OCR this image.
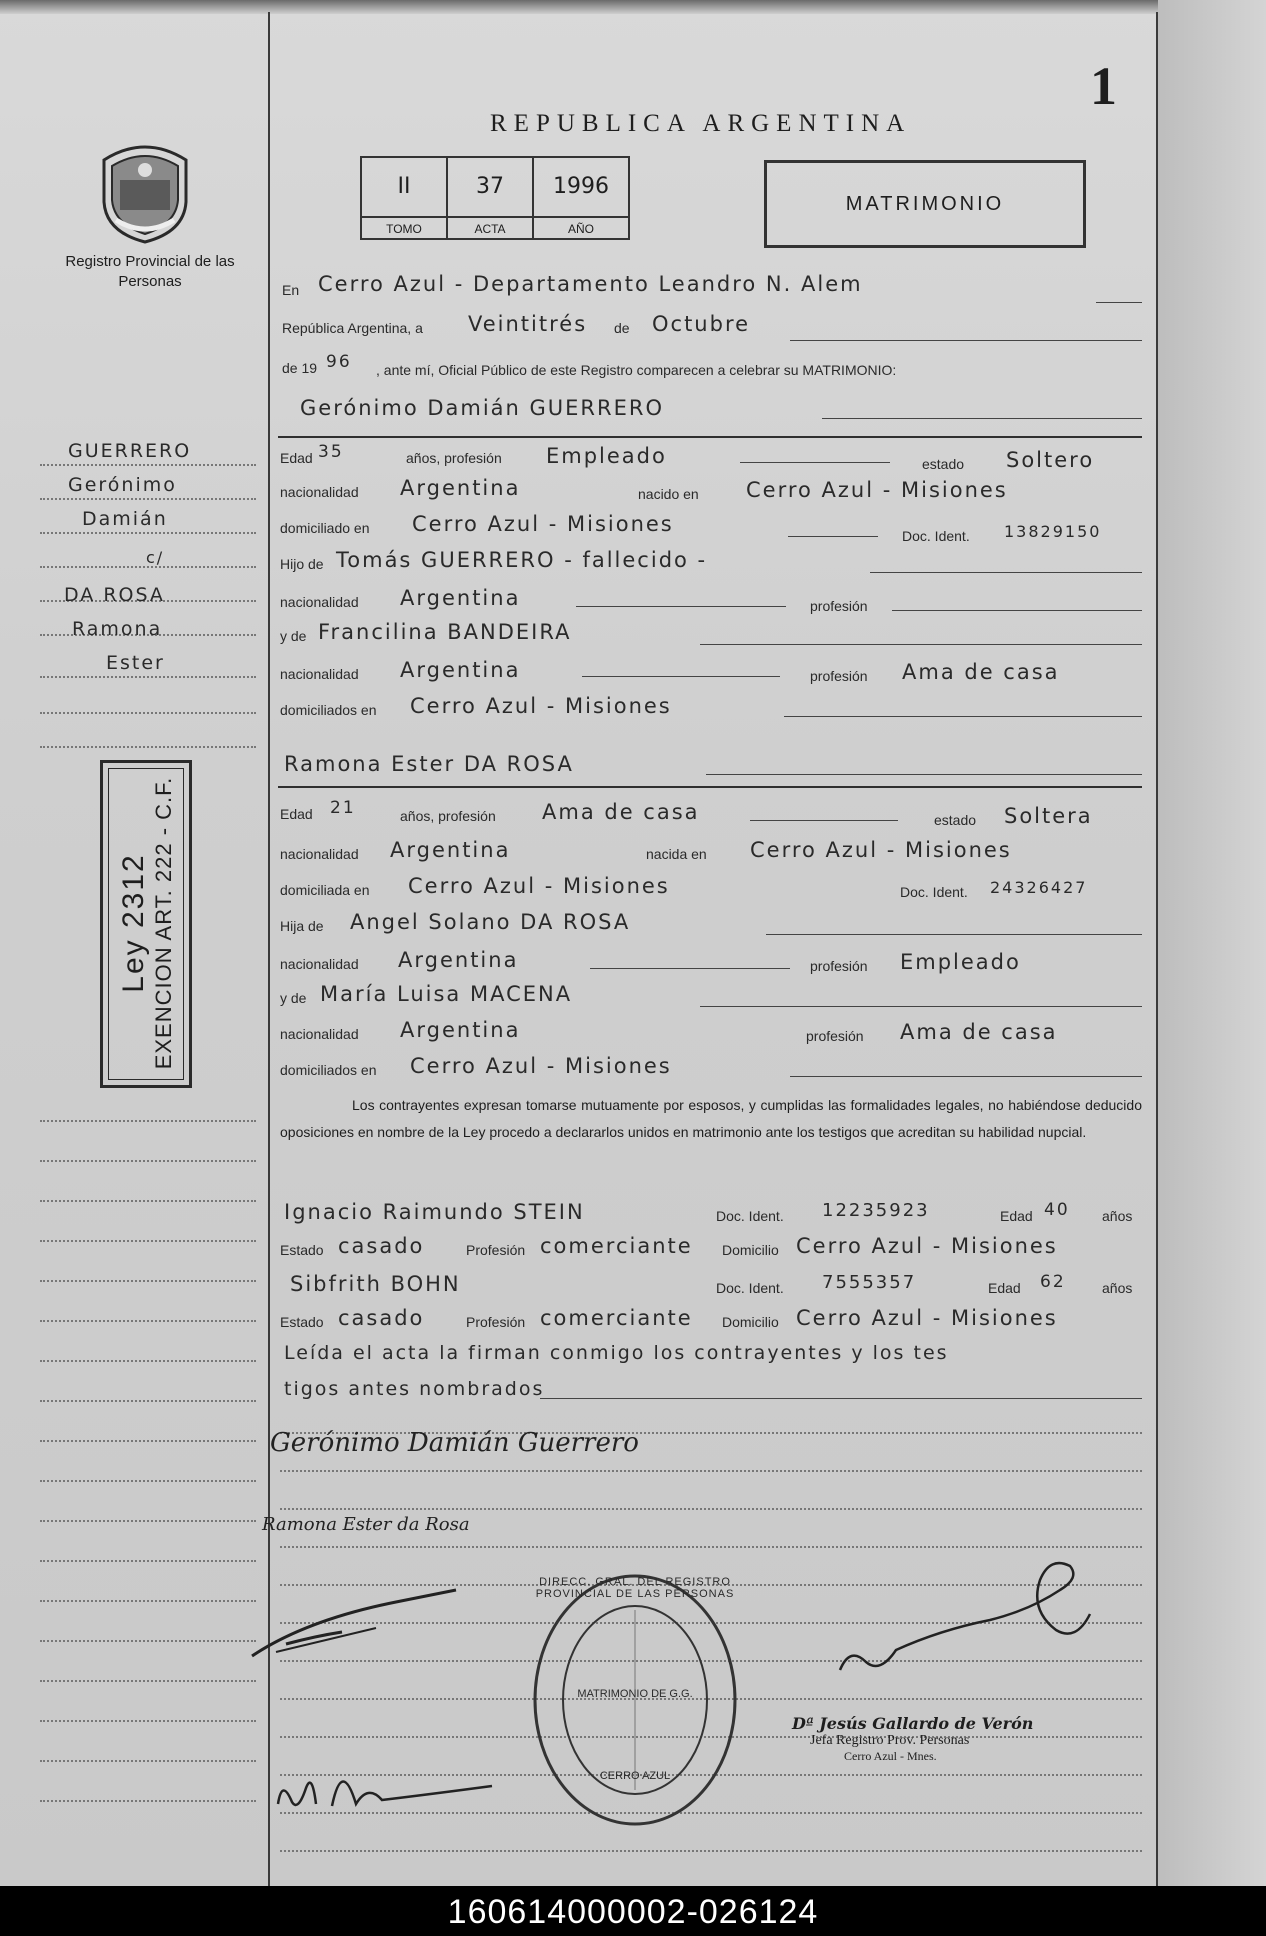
1
REPUBLICA ARGENTINA
Registro Provincial de las Personas
II
TOMO
37
ACTA
1996
AÑO
MATRIMONIO
GUERRERO
Gerónimo
Damián
c/
DA ROSA
Ramona
Ester
Ley 2312 EXENCION ART. 222 - C.F.
En Cerro Azul - Departamento Leandro N. Alem
República Argentina, a Veintitrés de Octubre
de 19 96 , ante mí, Oficial Público de este Registro comparecen a celebrar su MATRIMONIO:
Gerónimo Damián GUERRERO
Edad 35	años, profesión Empleado	estado Soltero
nacionalidad Argentina	nacido en Cerro Azul - Misiones
domiciliado en Cerro Azul - Misiones	Doc. Ident. 13829150
Hijo de Tomás GUERRERO - fallecido -
nacionalidad Argentina	profesión
y de Francilina BANDEIRA
nacionalidad Argentina	profesión Ama de casa
domiciliados en Cerro Azul - Misiones
Ramona Ester DA ROSA
Edad 21	años, profesión Ama de casa	estado Soltera
nacionalidad Argentina	nacida en Cerro Azul - Misiones
domiciliada en Cerro Azul - Misiones	Doc. Ident. 24326427
Hija de Angel Solano DA ROSA
nacionalidad Argentina	profesión Empleado
y de María Luisa MACENA
nacionalidad Argentina	profesión Ama de casa
domiciliados en Cerro Azul - Misiones
Los contrayentes expresan tomarse mutuamente por esposos, y cumplidas las formalidades legales, no habiéndose deducido oposiciones en nombre de la Ley procedo a declararlos unidos en matrimonio ante los testigos que acreditan su habilidad nupcial.
Ignacio Raimundo STEIN	Doc. Ident. 12235923	Edad 40 años
Estado casado	Profesión comerciante Domicilio Cerro Azul - Misiones
Sibfrith BOHN	Doc. Ident. 7555357	Edad 62	años
Estado casado	Profesión comerciante Domicilio Cerro Azul - Misiones
Leída el acta la firman conmigo los contrayentes y los tes
tigos antes nombrados
Gerónimo Damián Guerrero
Ramona Ester da Rosa
DIRECC. GRAL. DEL REGISTRO PROVINCIAL DE LAS PERSONAS
MATRIMONIO DE G.G.
CERRO AZUL
Dª Jesús Gallardo de Verón
Jefa Registro Prov. Personas
Cerro Azul - Mnes.
160614000002-026124
